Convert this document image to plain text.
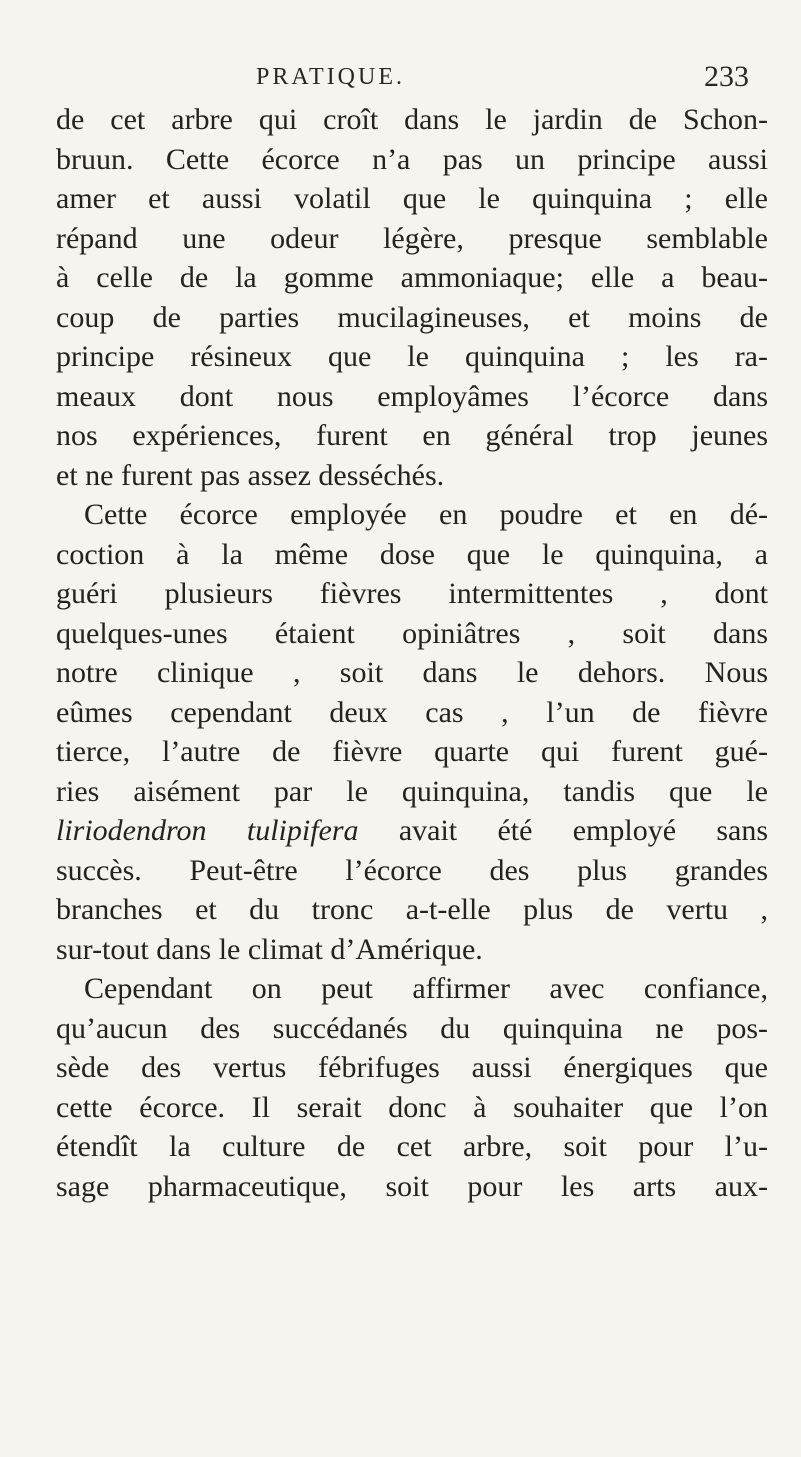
PRATIQUE.	233
de cet arbre qui croît dans le jardin de Schon-
bruun. Cette écorce n’a pas un principe aussi
amer et aussi volatil que le quinquina ; elle
répand une odeur légère, presque semblable
à celle de la gomme ammoniaque; elle a beau-
coup de parties mucilagineuses, et moins de
principe résineux que le quinquina ; les ra-
meaux dont nous employâmes l’écorce dans
nos expériences, furent en général trop jeunes
et ne furent pas assez desséchés.
Cette écorce employée en poudre et en dé-
coction à la même dose que le quinquina, a
guéri plusieurs fièvres intermittentes , dont
quelques-unes étaient opiniâtres , soit dans
notre clinique , soit dans le dehors. Nous
eûmes cependant deux cas , l’un de fièvre
tierce, l’autre de fièvre quarte qui furent gué-
ries aisément par le quinquina, tandis que le
liriodendron tulipifera avait été employé sans
succès. Peut-être l’écorce des plus grandes
branches et du tronc a-t-elle plus de vertu ,
sur-tout dans le climat d’Amérique.
Cependant on peut affirmer avec confiance,
qu’aucun des succédanés du quinquina ne pos-
sède des vertus fébrifuges aussi énergiques que
cette écorce. Il serait donc à souhaiter que l’on
étendît la culture de cet arbre, soit pour l’u-
sage pharmaceutique, soit pour les arts aux-
